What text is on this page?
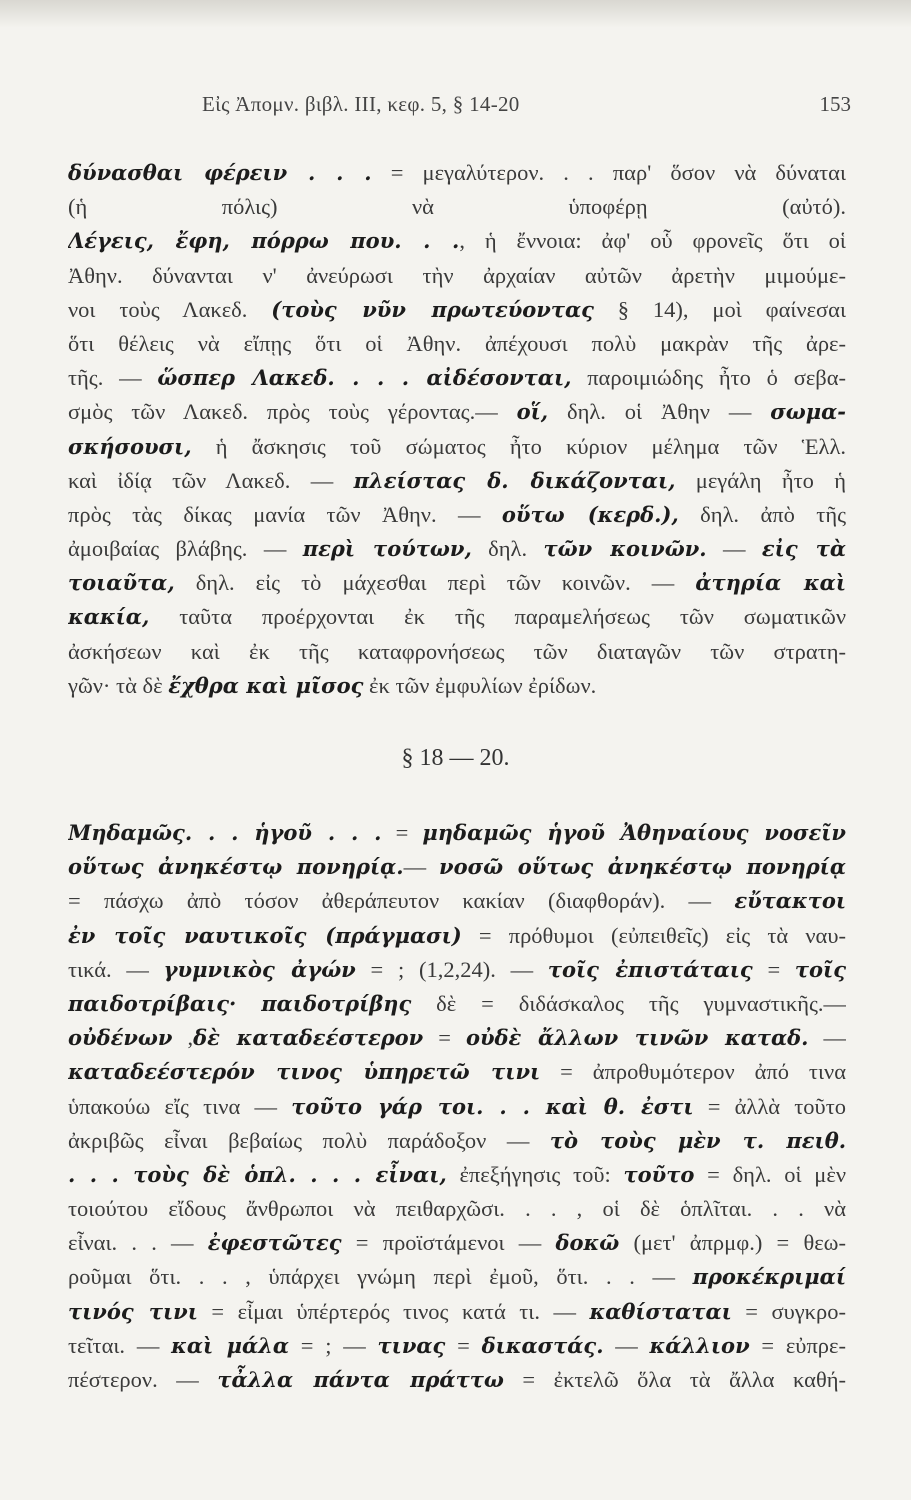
Εἰς Ἀπομν. βιβλ. III, κεφ. 5, § 14-20	153
δύνασθαι φέρειν . . . = μεγαλύτερον. . . παρ' ὅσον νὰ δύναται
(ἡ πόλις) νὰ ὑποφέρῃ (αὐτό).
Λέγεις, ἔφη, πόρρω που. . ., ἡ ἔννοια: ἀφ' οὗ φρονεῖς ὅτι οἱ
Ἀθην. δύνανται ν' ἀνεύρωσι τὴν ἀρχαίαν αὐτῶν ἀρετὴν μιμούμε-
νοι τοὺς Λακεδ. (τοὺς νῦν πρωτεύοντας § 14), μοὶ φαίνεσαι
ὅτι θέλεις νὰ εἴπῃς ὅτι οἱ Ἀθην. ἀπέχουσι πολὺ μακρὰν τῆς ἀρε-
τῆς. — ὥσπερ Λακεδ. . . . αἰδέσονται, παροιμιώδης ἦτο ὁ σεβα-
σμὸς τῶν Λακεδ. πρὸς τοὺς γέροντας.— οἵ, δηλ. οἱ Ἀθην — σωμα-
σκήσουσι, ἡ ἄσκησις τοῦ σώματος ἦτο κύριον μέλημα τῶν Ἑλλ.
καὶ ἰδίᾳ τῶν Λακεδ. — πλείστας δ. δικάζονται, μεγάλη ἦτο ἡ
πρὸς τὰς δίκας μανία τῶν Ἀθην. — οὕτω (κερδ.), δηλ. ἀπὸ τῆς
ἀμοιβαίας βλάβης. — περὶ τούτων, δηλ. τῶν κοινῶν. — εἰς τὰ
τοιαῦτα, δηλ. εἰς τὸ μάχεσθαι περὶ τῶν κοινῶν. — ἀτηρία καὶ
κακία, ταῦτα προέρχονται ἐκ τῆς παραμελήσεως τῶν σωματικῶν
ἀσκήσεων καὶ ἐκ τῆς καταφρονήσεως τῶν διαταγῶν τῶν στρατη-
γῶν· τὰ δὲ ἔχθρα καὶ μῖσος ἐκ τῶν ἐμφυλίων ἐρίδων.
§ 18 — 20.
Μηδαμῶς. . . ἡγοῦ . . . = μηδαμῶς ἡγοῦ Ἀθηναίους νοσεῖν
οὕτως ἀνηκέστῳ πονηρίᾳ.— νοσῶ οὕτως ἀνηκέστῳ πονηρίᾳ
= πάσχω ἀπὸ τόσον ἀθεράπευτον κακίαν (διαφθοράν). — εὔτακτοι
ἐν τοῖς ναυτικοῖς (πράγμασι) = πρόθυμοι (εὐπειθεῖς) εἰς τὰ ναυ-
τικά. — γυμνικὸς ἀγών = ; (1,2,24). — τοῖς ἐπιστάταις = τοῖς
παιδοτρίβαις· παιδοτρίβης δὲ = διδάσκαλος τῆς γυμναστικῆς.—
οὐδένων ,δὲ καταδεέστερον = οὐδὲ ἄλλων τινῶν καταδ. —
καταδεέστερόν τινος ὑπηρετῶ τινι = ἀπροθυμότερον ἀπό τινα
ὑπακούω εἴς τινα — τοῦτο γάρ τοι. . . καὶ θ. ἐστι = ἀλλὰ τοῦτο
ἀκριβῶς εἶναι βεβαίως πολὺ παράδοξον — τὸ τοὺς μὲν τ. πειθ.
. . . τοὺς δὲ ὁπλ. . . . εἶναι, ἐπεξήγησις τοῦ: τοῦτο = δηλ. οἱ μὲν
τοιούτου εἴδους ἄνθρωποι νὰ πειθαρχῶσι. . . , οἱ δὲ ὁπλῖται. . . νὰ
εἶναι. . . — ἐφεστῶτες = προϊστάμενοι — δοκῶ (μετ' ἀπρμφ.) = θεω-
ροῦμαι ὅτι. . . , ὑπάρχει γνώμη περὶ ἐμοῦ, ὅτι. . . — προκέκριμαί
τινός τινι = εἶμαι ὑπέρτερός τινος κατά τι. — καθίσταται = συγκρο-
τεῖται. — καὶ μάλα = ; — τινας = δικαστάς. — κάλλιον = εὐπρε-
πέστερον. — τἆλλα πάντα πράττω = ἐκτελῶ ὅλα τὰ ἄλλα καθή-
